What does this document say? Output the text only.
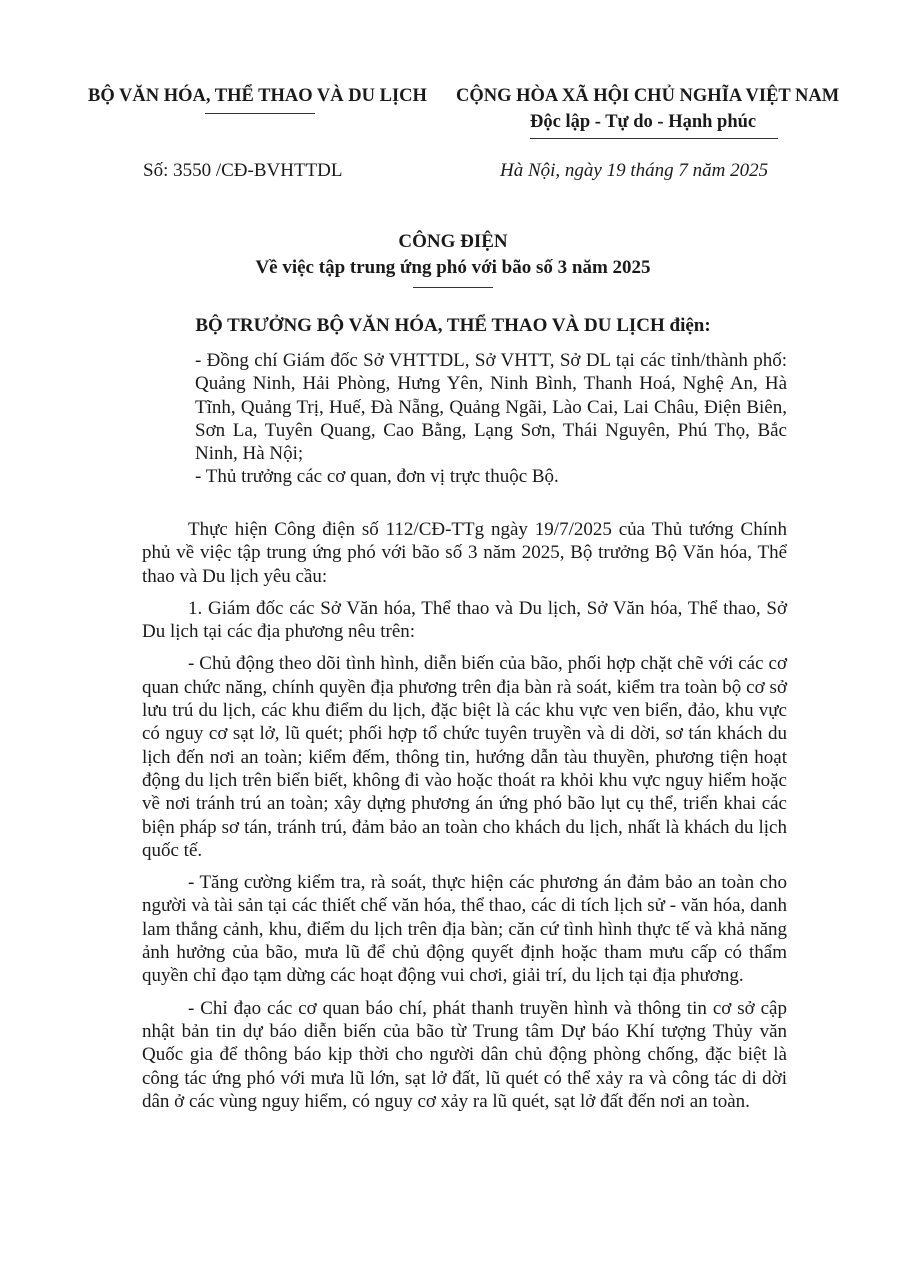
BỘ VĂN HÓA, THỂ THAO VÀ DU LỊCH CỘNG HÒA XÃ HỘI CHỦ NGHĨA VIỆT NAM
Độc lập - Tự do - Hạnh phúc
Số: 3550 /CĐ-BVHTTDL	Hà Nội, ngày 19 tháng 7 năm 2025
CÔNG ĐIỆN
Về việc tập trung ứng phó với bão số 3 năm 2025
BỘ TRƯỞNG BỘ VĂN HÓA, THỂ THAO VÀ DU LỊCH điện:

- Đồng chí Giám đốc Sở VHTTDL, Sở VHTT, Sở DL tại các tỉnh/thành phố: Quảng Ninh, Hải Phòng, Hưng Yên, Ninh Bình, Thanh Hoá, Nghệ An, Hà Tĩnh, Quảng Trị, Huế, Đà Nẵng, Quảng Ngãi, Lào Cai, Lai Châu, Điện Biên, Sơn La, Tuyên Quang, Cao Bằng, Lạng Sơn, Thái Nguyên, Phú Thọ, Bắc Ninh, Hà Nội;

- Thủ trưởng các cơ quan, đơn vị trực thuộc Bộ.

Thực hiện Công điện số 112/CĐ-TTg ngày 19/7/2025 của Thủ tướng Chính phủ về việc tập trung ứng phó với bão số 3 năm 2025, Bộ trưởng Bộ Văn hóa, Thể thao và Du lịch yêu cầu:

1. Giám đốc các Sở Văn hóa, Thể thao và Du lịch, Sở Văn hóa, Thể thao, Sở Du lịch tại các địa phương nêu trên:

- Chủ động theo dõi tình hình, diễn biến của bão, phối hợp chặt chẽ với các cơ quan chức năng, chính quyền địa phương trên địa bàn rà soát, kiểm tra toàn bộ cơ sở lưu trú du lịch, các khu điểm du lịch, đặc biệt là các khu vực ven biển, đảo, khu vực có nguy cơ sạt lở, lũ quét; phối hợp tổ chức tuyên truyền và di dời, sơ tán khách du lịch đến nơi an toàn; kiểm đếm, thông tin, hướng dẫn tàu thuyền, phương tiện hoạt động du lịch trên biển biết, không đi vào hoặc thoát ra khỏi khu vực nguy hiểm hoặc về nơi tránh trú an toàn; xây dựng phương án ứng phó bão lụt cụ thể, triển khai các biện pháp sơ tán, tránh trú, đảm bảo an toàn cho khách du lịch, nhất là khách du lịch quốc tế.

- Tăng cường kiểm tra, rà soát, thực hiện các phương án đảm bảo an toàn cho người và tài sản tại các thiết chế văn hóa, thể thao, các di tích lịch sử - văn hóa, danh lam thắng cảnh, khu, điểm du lịch trên địa bàn; căn cứ tình hình thực tế và khả năng ảnh hưởng của bão, mưa lũ để chủ động quyết định hoặc tham mưu cấp có thẩm quyền chỉ đạo tạm dừng các hoạt động vui chơi, giải trí, du lịch tại địa phương.

- Chỉ đạo các cơ quan báo chí, phát thanh truyền hình và thông tin cơ sở cập nhật bản tin dự báo diễn biến của bão từ Trung tâm Dự báo Khí tượng Thủy văn Quốc gia để thông báo kịp thời cho người dân chủ động phòng chống, đặc biệt là công tác ứng phó với mưa lũ lớn, sạt lở đất, lũ quét có thể xảy ra và công tác di dời dân ở các vùng nguy hiểm, có nguy cơ xảy ra lũ quét, sạt lở đất đến nơi an toàn.
